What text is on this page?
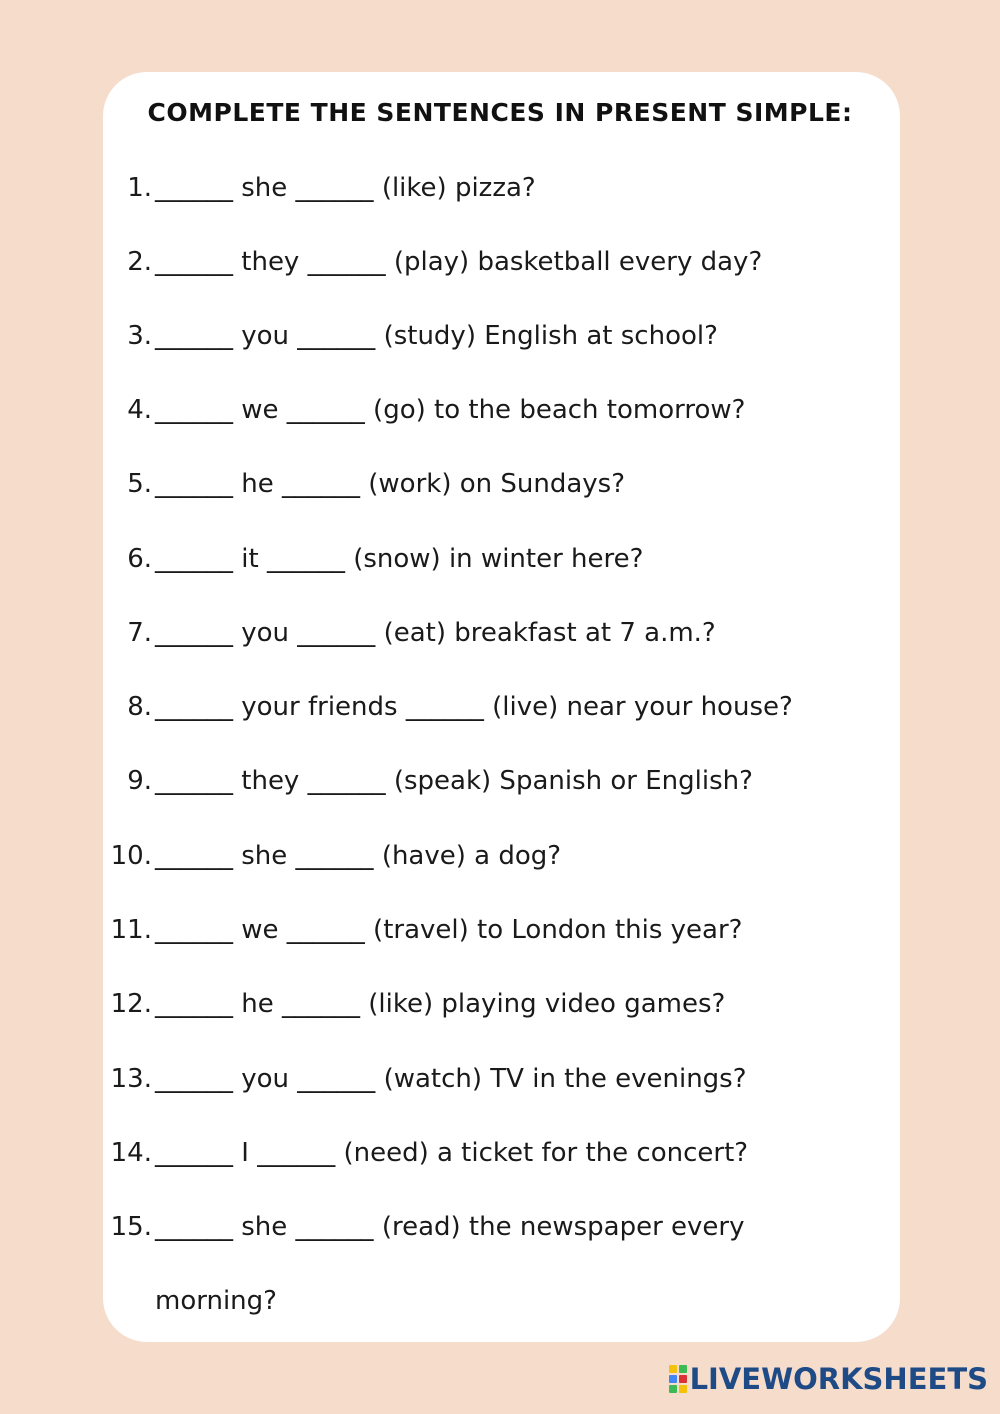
COMPLETE THE SENTENCES IN PRESENT SIMPLE:
1. ______ she ______ (like) pizza?
2. ______ they ______ (play) basketball every day?
3. ______ you ______ (study) English at school?
4. ______ we ______ (go) to the beach tomorrow?
5. ______ he ______ (work) on Sundays?
6. ______ it ______ (snow) in winter here?
7. ______ you ______ (eat) breakfast at 7 a.m.?
8. ______ your friends ______ (live) near your house?
9. ______ they ______ (speak) Spanish or English?
10. ______ she ______ (have) a dog?
11. ______ we ______ (travel) to London this year?
12. ______ he ______ (like) playing video games?
13. ______ you ______ (watch) TV in the evenings?
14. ______ I ______ (need) a ticket for the concert?
15. ______ she ______ (read) the newspaper every
morning?
LIVEWORKSHEETS
